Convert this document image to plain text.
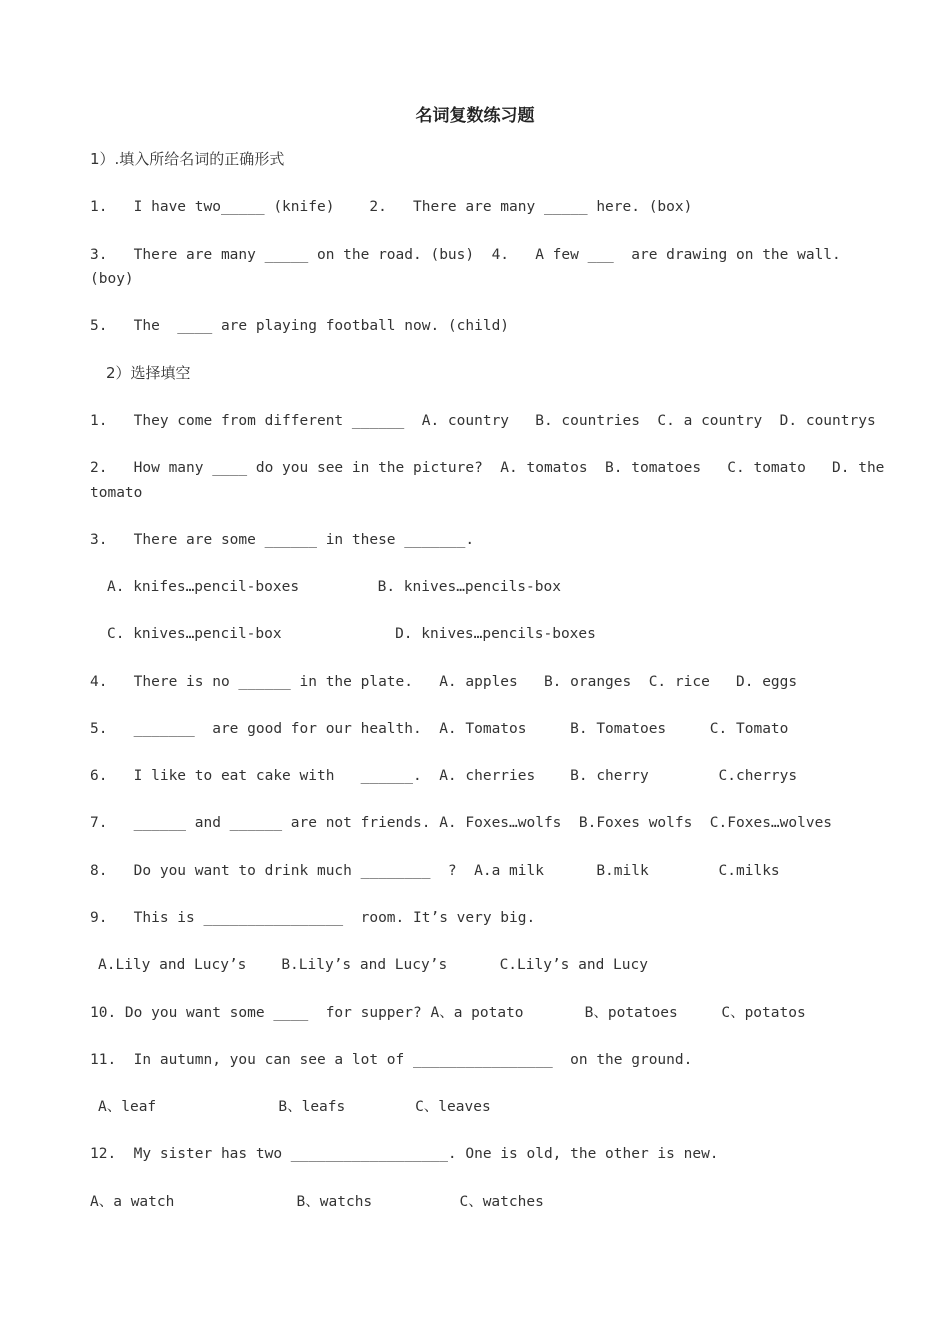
名词复数练习题
1）.填入所给名词的正确形式
1.   I have two_____ (knife)    2.   There are many _____ here. (box)
3.   There are many _____ on the road. (bus)  4.   A few ___  are drawing on the wall.
(boy)
5.   The  ____ are playing football now. (child)
2）选择填空
1.   They come from different ______  A. country   B. countries  C. a country  D. countrys
2.   How many ____ do you see in the picture?  A. tomatos  B. tomatoes   C. tomato   D. the
tomato
3.   There are some ______ in these _______.
A. knifes…pencil-boxes         B. knives…pencils-box
C. knives…pencil-box             D. knives…pencils-boxes
4.   There is no ______ in the plate.   A. apples   B. oranges  C. rice   D. eggs
5.   _______  are good for our health.  A. Tomatos     B. Tomatoes     C. Tomato
6.   I like to eat cake with   ______.  A. cherries    B. cherry        C.cherrys
7.   ______ and ______ are not friends. A. Foxes…wolfs  B.Foxes wolfs  C.Foxes…wolves
8.   Do you want to drink much ________  ?  A.a milk      B.milk        C.milks
9.   This is ________________  room. It’s very big.
A.Lily and Lucy’s    B.Lily’s and Lucy’s      C.Lily’s and Lucy
10. Do you want some ____  for supper? A、a potato       B、potatoes     C、potatos
11.  In autumn, you can see a lot of ________________  on the ground.
A、leaf              B、leafs        C、leaves
12.  My sister has two __________________. One is old, the other is new.
A、a watch              B、watchs          C、watches
